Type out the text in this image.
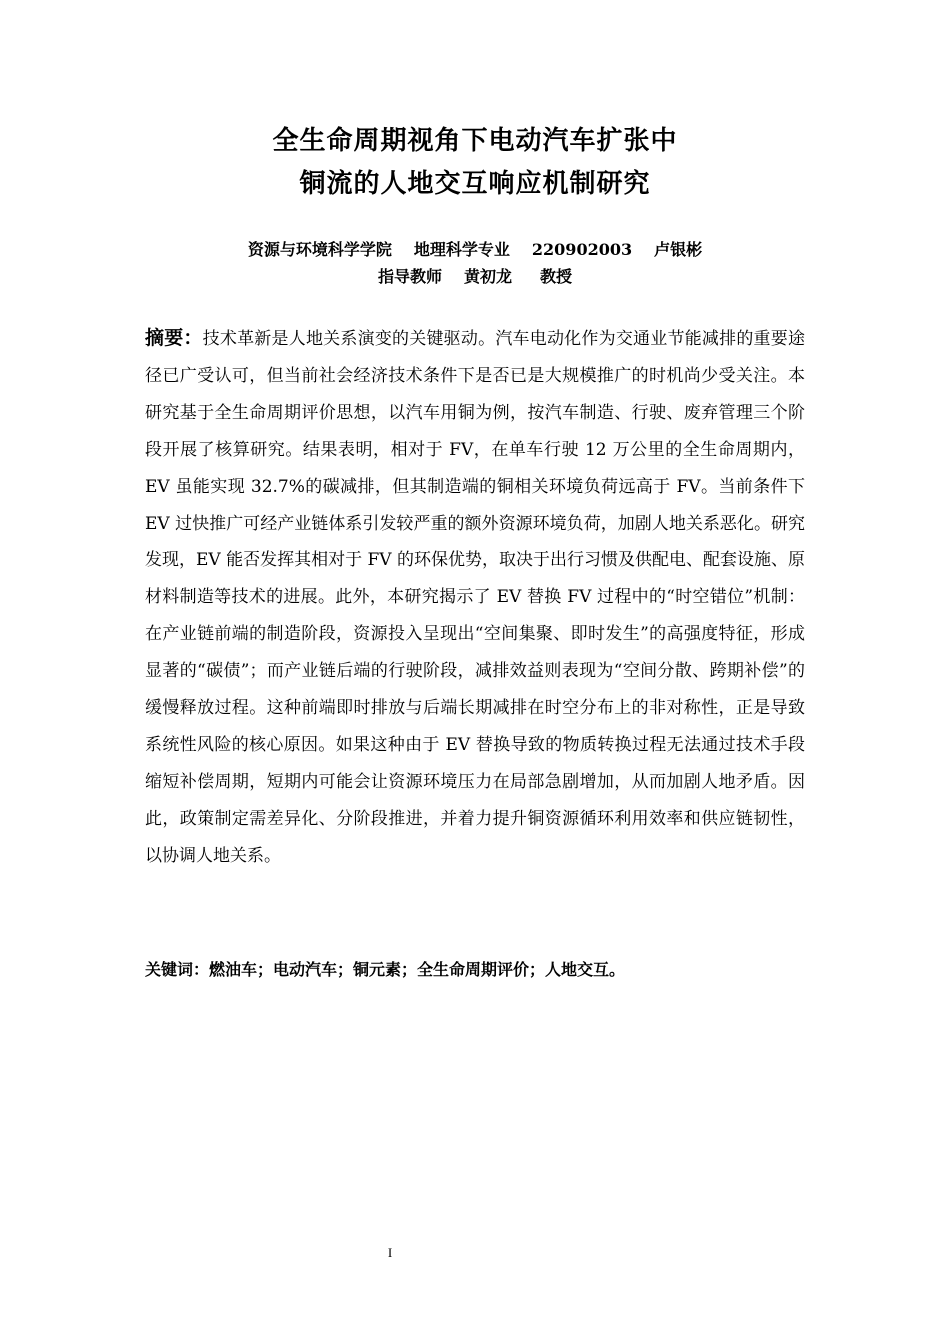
全生命周期视角下电动汽车扩张中
铜流的人地交互响应机制研究
资源与环境科学学院 地理科学专业 220902003 卢银彬
指导教师 黄初龙 教授
摘要：技术革新是人地关系演变的关键驱动。汽车电动化作为交通业节能减排的重要途径已广受认可，但当前社会经济技术条件下是否已是大规模推广的时机尚少受关注。本研究基于全生命周期评价思想，以汽车用铜为例，按汽车制造、行驶、废弃管理三个阶段开展了核算研究。结果表明，相对于 FV，在单车行驶 12 万公里的全生命周期内，EV 虽能实现 32.7%的碳减排，但其制造端的铜相关环境负荷远高于 FV。当前条件下 EV 过快推广可经产业链体系引发较严重的额外资源环境负荷，加剧人地关系恶化。研究发现，EV 能否发挥其相对于 FV 的环保优势，取决于出行习惯及供配电、配套设施、原材料制造等技术的进展。此外，本研究揭示了 EV 替换 FV 过程中的“时空错位”机制：在产业链前端的制造阶段，资源投入呈现出“空间集聚、即时发生”的高强度特征，形成显著的“碳债”；而产业链后端的行驶阶段，减排效益则表现为“空间分散、跨期补偿”的缓慢释放过程。这种前端即时排放与后端长期减排在时空分布上的非对称性，正是导致系统性风险的核心原因。如果这种由于 EV 替换导致的物质转换过程无法通过技术手段缩短补偿周期，短期内可能会让资源环境压力在局部急剧增加，从而加剧人地矛盾。因此，政策制定需差异化、分阶段推进，并着力提升铜资源循环利用效率和供应链韧性，以协调人地关系。
关键词：燃油车；电动汽车；铜元素；全生命周期评价；人地交互。
I
